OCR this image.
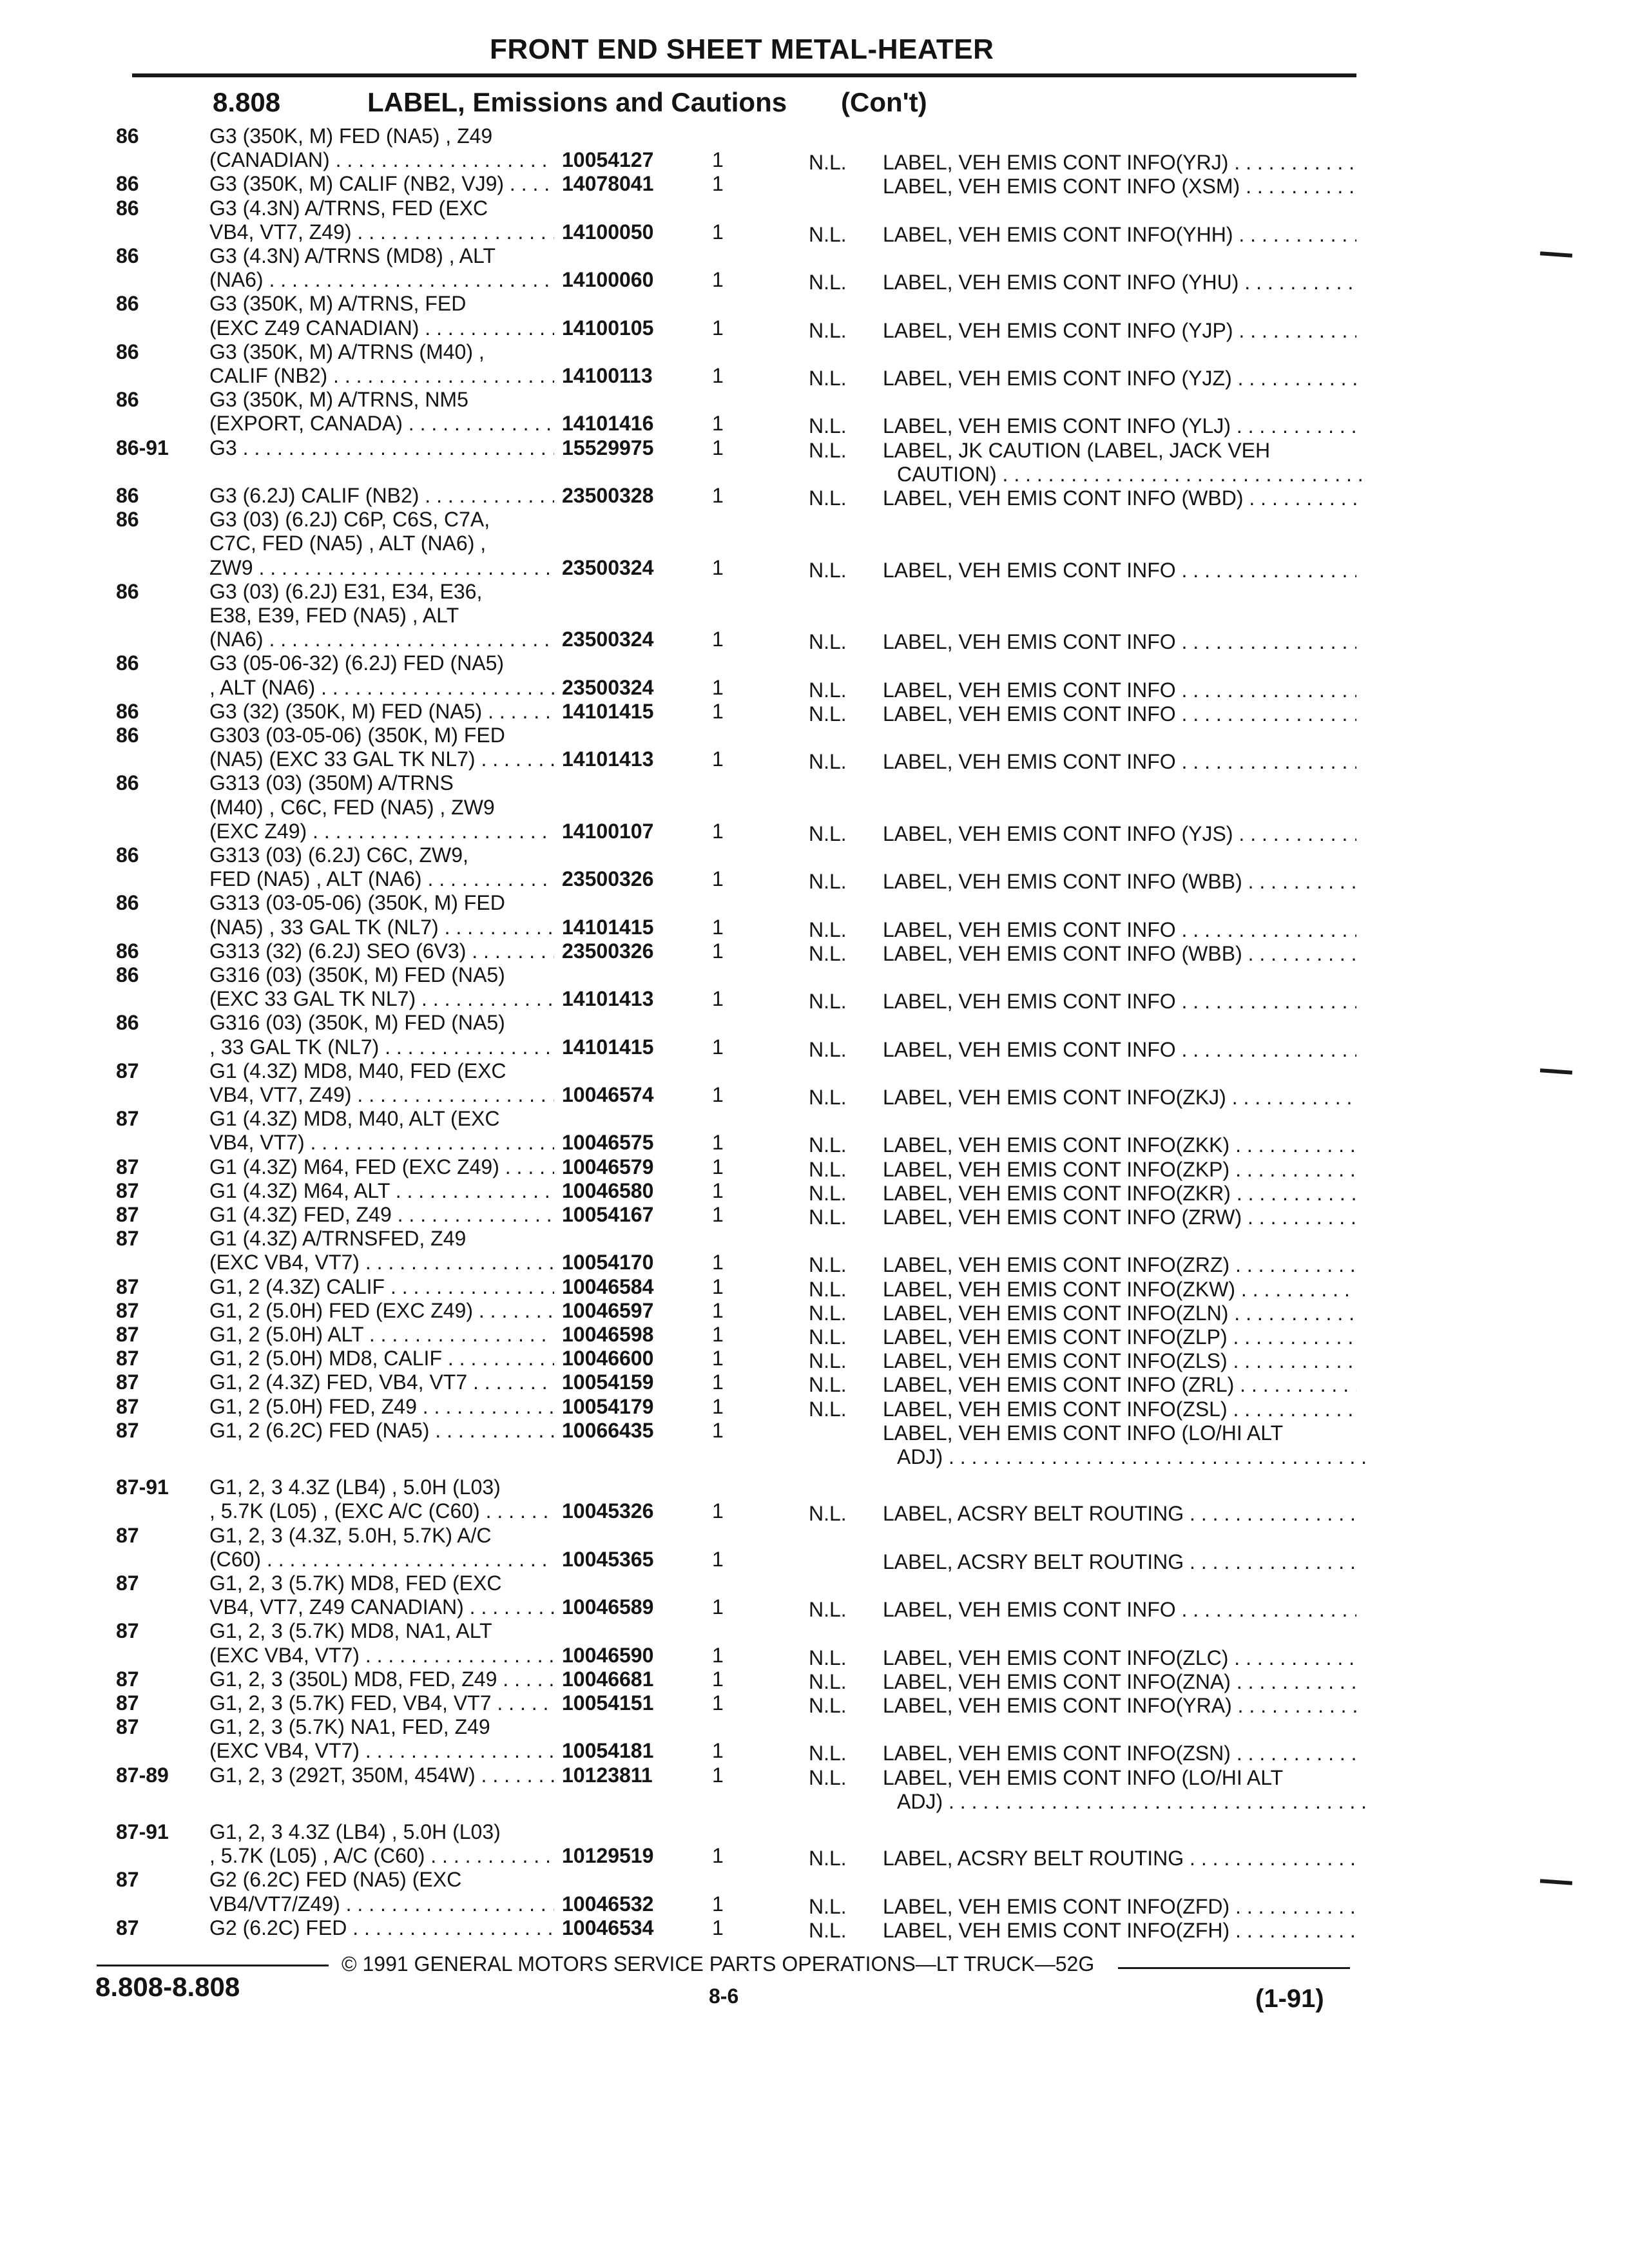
FRONT END SHEET METAL-HEATER
8.808	LABEL, Emissions and Cautions (Con't)
86	G3 (350K, M) FED (NA5) , Z49
(CANADIAN) . . .	10054127	1	N.L.	LABEL, VEH EMIS CONT INFO(YRJ) . . .
86	G3 (350K, M) CALIF (NB2, VJ9) . . .	14078041	1	LABEL, VEH EMIS CONT INFO (XSM) . . .
86	G3 (4.3N) A/TRNS, FED (EXC
VB4, VT7, Z49) . . .	14100050	1	N.L.	LABEL, VEH EMIS CONT INFO(YHH) . . .
86	G3 (4.3N) A/TRNS (MD8) , ALT
(NA6) . . .	14100060	1	N.L.	LABEL, VEH EMIS CONT INFO (YHU) . . .
86	G3 (350K, M) A/TRNS, FED
(EXC Z49 CANADIAN) . . .	14100105	1	N.L.	LABEL, VEH EMIS CONT INFO (YJP) . . .
86	G3 (350K, M) A/TRNS (M40) ,
CALIF (NB2) . . .	14100113	1	N.L.	LABEL, VEH EMIS CONT INFO (YJZ) . . .
86	G3 (350K, M) A/TRNS, NM5
(EXPORT, CANADA) . . .	14101416	1	N.L.	LABEL, VEH EMIS CONT INFO (YLJ) . . .
86-91	G3 . . .	15529975	1	N.L.	LABEL, JK CAUTION (LABEL, JACK VEH
CAUTION) . . .
86	G3 (6.2J) CALIF (NB2) . . .	23500328	1	N.L.	LABEL, VEH EMIS CONT INFO (WBD) . . .
86	G3 (03) (6.2J) C6P, C6S, C7A,
C7C, FED (NA5) , ALT (NA6) ,
ZW9 . . .	23500324	1	N.L.	LABEL, VEH EMIS CONT INFO . . .
86	G3 (03) (6.2J) E31, E34, E36,
E38, E39, FED (NA5) , ALT
(NA6) . . .	23500324	1	N.L.	LABEL, VEH EMIS CONT INFO . . .
86	G3 (05-06-32) (6.2J) FED (NA5)
, ALT (NA6) . . .	23500324	1	N.L.	LABEL, VEH EMIS CONT INFO . . .
86	G3 (32) (350K, M) FED (NA5) . . .	14101415	1	N.L.	LABEL, VEH EMIS CONT INFO . . .
86	G303 (03-05-06) (350K, M) FED
(NA5) (EXC 33 GAL TK NL7) . . .	14101413	1	N.L.	LABEL, VEH EMIS CONT INFO . . .
86	G313 (03) (350M) A/TRNS
(M40) , C6C, FED (NA5) , ZW9
(EXC Z49) . . .	14100107	1	N.L.	LABEL, VEH EMIS CONT INFO (YJS) . . .
86	G313 (03) (6.2J) C6C, ZW9,
FED (NA5) , ALT (NA6) . . .	23500326	1	N.L.	LABEL, VEH EMIS CONT INFO (WBB) . . .
86	G313 (03-05-06) (350K, M) FED
(NA5) , 33 GAL TK (NL7) . . .	14101415	1	N.L.	LABEL, VEH EMIS CONT INFO . . .
86	G313 (32) (6.2J) SEO (6V3) . . .	23500326	1	N.L.	LABEL, VEH EMIS CONT INFO (WBB) . . .
86	G316 (03) (350K, M) FED (NA5)
(EXC 33 GAL TK NL7) . . .	14101413	1	N.L.	LABEL, VEH EMIS CONT INFO . . .
86	G316 (03) (350K, M) FED (NA5)
, 33 GAL TK (NL7) . . .	14101415	1	N.L.	LABEL, VEH EMIS CONT INFO . . .
87	G1 (4.3Z) MD8, M40, FED (EXC
VB4, VT7, Z49) . . .	10046574	1	N.L.	LABEL, VEH EMIS CONT INFO(ZKJ) . . .
87	G1 (4.3Z) MD8, M40, ALT (EXC
VB4, VT7) . . .	10046575	1	N.L.	LABEL, VEH EMIS CONT INFO(ZKK) . . .
87	G1 (4.3Z) M64, FED (EXC Z49) . . .	10046579	1	N.L.	LABEL, VEH EMIS CONT INFO(ZKP) . . .
87	G1 (4.3Z) M64, ALT . . .	10046580	1	N.L.	LABEL, VEH EMIS CONT INFO(ZKR) . . .
87	G1 (4.3Z) FED, Z49 . . .	10054167	1	N.L.	LABEL, VEH EMIS CONT INFO (ZRW) . . .
87	G1 (4.3Z) A/TRNSFED, Z49
(EXC VB4, VT7) . . .	10054170	1	N.L.	LABEL, VEH EMIS CONT INFO(ZRZ) . . .
87	G1, 2 (4.3Z) CALIF . . .	10046584	1	N.L.	LABEL, VEH EMIS CONT INFO(ZKW) . . .
87	G1, 2 (5.0H) FED (EXC Z49) . . .	10046597	1	N.L.	LABEL, VEH EMIS CONT INFO(ZLN) . . .
87	G1, 2 (5.0H) ALT . . .	10046598	1	N.L.	LABEL, VEH EMIS CONT INFO(ZLP) . . .
87	G1, 2 (5.0H) MD8, CALIF . . .	10046600	1	N.L.	LABEL, VEH EMIS CONT INFO(ZLS) . . .
87	G1, 2 (4.3Z) FED, VB4, VT7 . . .	10054159	1	N.L.	LABEL, VEH EMIS CONT INFO (ZRL) . . .
87	G1, 2 (5.0H) FED, Z49 . . .	10054179	1	N.L.	LABEL, VEH EMIS CONT INFO(ZSL) . . .
87	G1, 2 (6.2C) FED (NA5) . . .	10066435	1	LABEL, VEH EMIS CONT INFO (LO/HI ALT
ADJ) . . .
87-91	G1, 2, 3 4.3Z (LB4) , 5.0H (L03)
, 5.7K (L05) , (EXC A/C (C60) . . .	10045326	1	N.L.	LABEL, ACSRY BELT ROUTING . . .
87	G1, 2, 3 (4.3Z, 5.0H, 5.7K) A/C
(C60) . . .	10045365	1	LABEL, ACSRY BELT ROUTING . . .
87	G1, 2, 3 (5.7K) MD8, FED (EXC
VB4, VT7, Z49 CANADIAN) . . .	10046589	1	N.L.	LABEL, VEH EMIS CONT INFO . . .
87	G1, 2, 3 (5.7K) MD8, NA1, ALT
(EXC VB4, VT7) . . .	10046590	1	N.L.	LABEL, VEH EMIS CONT INFO(ZLC) . . .
87	G1, 2, 3 (350L) MD8, FED, Z49 . . .	10046681	1	N.L.	LABEL, VEH EMIS CONT INFO(ZNA) . . .
87	G1, 2, 3 (5.7K) FED, VB4, VT7 . . .	10054151	1	N.L.	LABEL, VEH EMIS CONT INFO(YRA) . . .
87	G1, 2, 3 (5.7K) NA1, FED, Z49
(EXC VB4, VT7) . . .	10054181	1	N.L.	LABEL, VEH EMIS CONT INFO(ZSN) . . .
87-89	G1, 2, 3 (292T, 350M, 454W) . . .	10123811	1	N.L.	LABEL, VEH EMIS CONT INFO (LO/HI ALT
ADJ) . . .
87-91	G1, 2, 3 4.3Z (LB4) , 5.0H (L03)
, 5.7K (L05) , A/C (C60) . . .	10129519	1	N.L.	LABEL, ACSRY BELT ROUTING . . .
87	G2 (6.2C) FED (NA5) (EXC
VB4/VT7/Z49) . . .	10046532	1	N.L.	LABEL, VEH EMIS CONT INFO(ZFD) . . .
87	G2 (6.2C) FED . . .	10046534	1	N.L.	LABEL, VEH EMIS CONT INFO(ZFH) . . .
© 1991 GENERAL MOTORS SERVICE PARTS OPERATIONS—LT TRUCK—52G
8.808-8.808	8-6	(1-91)
